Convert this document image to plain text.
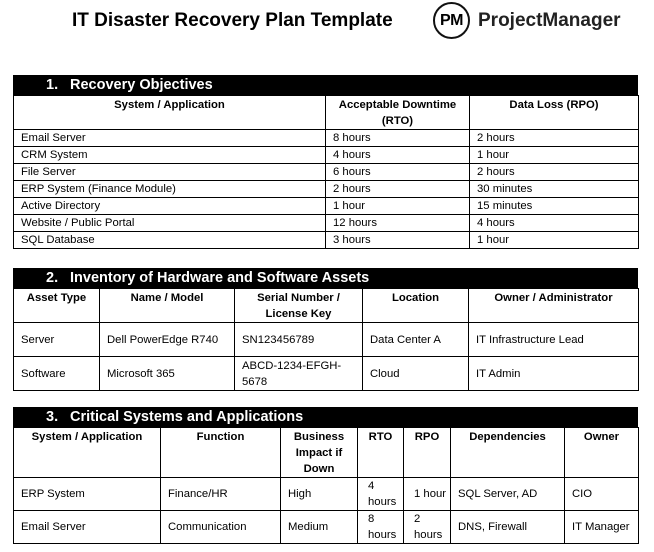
IT Disaster Recovery Plan Template	PM ProjectManager
1. Recovery Objectives
System / Application	Acceptable Downtime (RTO)	Data Loss (RPO)
Email Server	8 hours	2 hours
CRM System	4 hours	1 hour
File Server	6 hours	2 hours
ERP System (Finance Module)	2 hours	30 minutes
Active Directory	1 hour	15 minutes
Website / Public Portal	12 hours	4 hours
SQL Database	3 hours	1 hour
2. Inventory of Hardware and Software Assets
Asset Type	Name / Model	Serial Number / License Key	Location	Owner / Administrator
Server	Dell PowerEdge R740	SN123456789	Data Center A	IT Infrastructure Lead
Software	Microsoft 365	ABCD-1234-EFGH-5678	Cloud	IT Admin
3. Critical Systems and Applications
System / Application	Function	Business Impact if Down	RTO	RPO	Dependencies	Owner
ERP System	Finance/HR	High	4 hours	1 hour	SQL Server, AD	CIO
Email Server	Communication	Medium	8 hours	2 hours	DNS, Firewall	IT Manager
